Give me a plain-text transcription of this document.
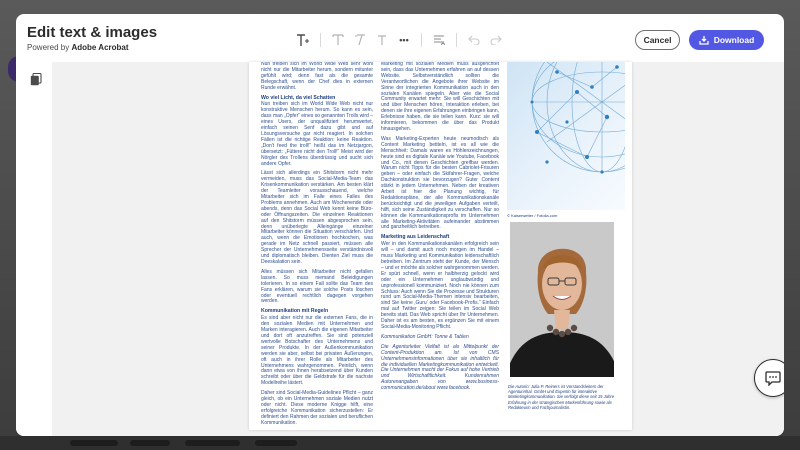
Edit text & images
Powered by Adobe Acrobat
•••	Cancel	Download

Nun treiben sich im World Wide Web sehr wohl nicht nur die Mitarbeiter herum, sondern mitunter gefühlt wird; denn fast als die gesamte Belegschaft, wenn der Chef dies in externen Runde erwähnt.

Wo viel Licht, da viel Schatten

Nun treiben sich im World Wide Web nicht nur konstruktive Menschen herum. So kann es sein, dass man „Opfer“ eines so genannten Trolls wird – eines Users, der unqualifiziert herumwertet, einfach seinen Senf dazu gibt und auf Lösungsversuche gar nicht reagiert. In solchen Fällen ist die richtige Reaktion: keine Reaktion. „Don't feed the troll!“ heißt das im Netzjargon, übersetzt: „Füttere nicht den Troll!“ Meist wird der Nörgler des Trollens überdrüssig und sucht sich andere Opfer.

Lässt sich allerdings ein Shitstorm nicht mehr vermeiden, muss das Social-Media-Team das Krisenkommunikation verstärken. Am besten klärt der Teamleiter vorausschauend, welche Mitarbeiter sich im Falle eines Falles des Problems annehmen. Auch am Wochenende oder abends, denn das Social Web kennt keine Büro- oder Öffnungszeiten. Die einzelnen Reaktionen auf den Shitstorm müssen abgesprochen sein, denn unüberlegte Alleingänge einzelner Mitarbeiter können die Situation verschärfen. Und auch, wenn die Emotionen hochkochen, was gerade im Netz schnell passiert, müssen alle Sprecher der Unternehmensseite verständnisvoll und diplomatisch bleiben. Dienten Ziel muss die Deeskalation sein.

Alles müssen sich Mitarbeiter nicht gefallen lassen. So muss niemand Beleidigungen tolerieren. In so einem Fall sollte das Team des Fans erklären, warum sie solche Posts löschen oder eventuell rechtlich dagegen vorgehen werden.

Kommunikation mit Regeln

Es sind aber nicht nur die externen Fans, die in den sozialen Medien mit Unternehmen und Marken interagieren. Auch die eigenen Mitarbeiter und dort oft anzutreffen. Sie sind potenziell wertvolle Botschafter des Unternehmens und seiner Produkte. In der Außenkommunikation werden sie aber, selbst bei privaten Äußerungen, oft auch in ihrer Rolle als Mitarbeiter des Unternehmens wahrgenommen. Peinlich, wenn dann etwa von ihnen herabsetzend über Kunden schreibt oder über die Geldstrafe für die nachste Modellreihe lästert.

Daher sind Social-Media-Guidelines Pflicht – ganz gleich, ob ein Unternehmen soziale Medien nutzt oder nicht. Diese moderne Knigge hilft, eine erfolgreiche Kommunikation sicherzustellen: Er definiert den Rahmen der sozialen und beruflichen Kommunikation.

Marketing mit sozialen Medien muss ausgerichtet sein, dass das Unternehmen erfahren an auf dessen Website. Selbstverständlich sollten die Verantwortlichen die Angebote ihrer Website im Sinne der integrierten Kommunikation auch in den sozialen Kanälen spiegeln. Aber wie die Social Community erwartet mehr: Sie will Geschichten mit und über Menschen hören, Interaktion erleben, bei denen sie ihre eigenen Erfahrungen einbringen kann, Erlebnisse haben, die sie teilen kann. Kurz: sie will informieren, bekommen die über das Produkt hinausgehen.

Was Marketing-Experten heute neumodisch als Content Marketing betiteln, ist es all wie die Menschheit: Damals waren es Höhlenzeichnungen, heute sind es digitale Kanäle wie Youtube, Facebook und Co., mit denen Geschichten greifbar werden. Warum nicht Tipps für die besten Cabriolet-Frisuren geben – oder einfach die Skifahrer-Fragen, welche Dachkonstruktion sie bevorzugen? Guter Content stärkt in jedem Unternehmen. Neben der kreativen Arbeit ist hier die Planung wichtig, für Redaktionspläne, der alle Kommunikationskanäle berücksichtigt und die jeweiligen Aufgaben verteilt, hilft, sich seine Zuständigkeit zu verschaffen. Nur so können die Kommunikationsprofis im Unternehmen alle Marketing-Aktivitäten aufeinander abstimmen und ganzheitlich betreiben.

Marketing aus Leidenschaft

Wer in den Kommunikationskanälen erfolgreich sein will – und damit auch noch morgen im Handel – muss Marketing und Kommunikation leidenschaftlich betreiben. Im Zentrum steht der Kunde, der Mensch – und er möchte als solcher wahrgenommen werden. Er spürt schnell, wenn er halbherzig gelockt wird oder ein Unternehmen unglaubwürdig und unprofessionell kommuniziert. Noch nie können zum Schluss: Auch wenn Sie die Prozesse und Strukturen rund um Social-Media-Themen intensiv bearbeiten, sind Sie keine ‚Guru‘ oder Facebook-Profis.“ Einfach mal auf Twitter zeigen: Sie teilen im Social Web bereits statt. Das Web spricht über Ihr Unternehmen. Daher ist es am besten, es ergänzen Sie mit einem Social-Media-Monitoring Pflicht.

Kommunikation GmbH: Tonne & Tablen

Die Agenturleiter Vielfalt ist als Mittelpunkt der Content-Produktion am. Ist von CMS Unternehmensinformationen über sie inhaltlich für die individuellen Marketingkommunikation entwickelt. Die Unternehmen macht der Fokus auf hohe Vertrieb und Wirtschaftlichkeit. Kundenrahmen Autorenangaben von www.business-communication.de/about www.facebook.

© Kaiserwetter / Fotolia.com
Die Autorin: Julia P. Reiners ist Vorstandsleitern der Agenturinhal. GmbH und Expertin für interaktive Marketingkommunikation. Sie verfolgt diese seit 15 Jahre Erfahrung in der strategischen Markenführung sowie als Redakteurin und Fachjournalistin.
